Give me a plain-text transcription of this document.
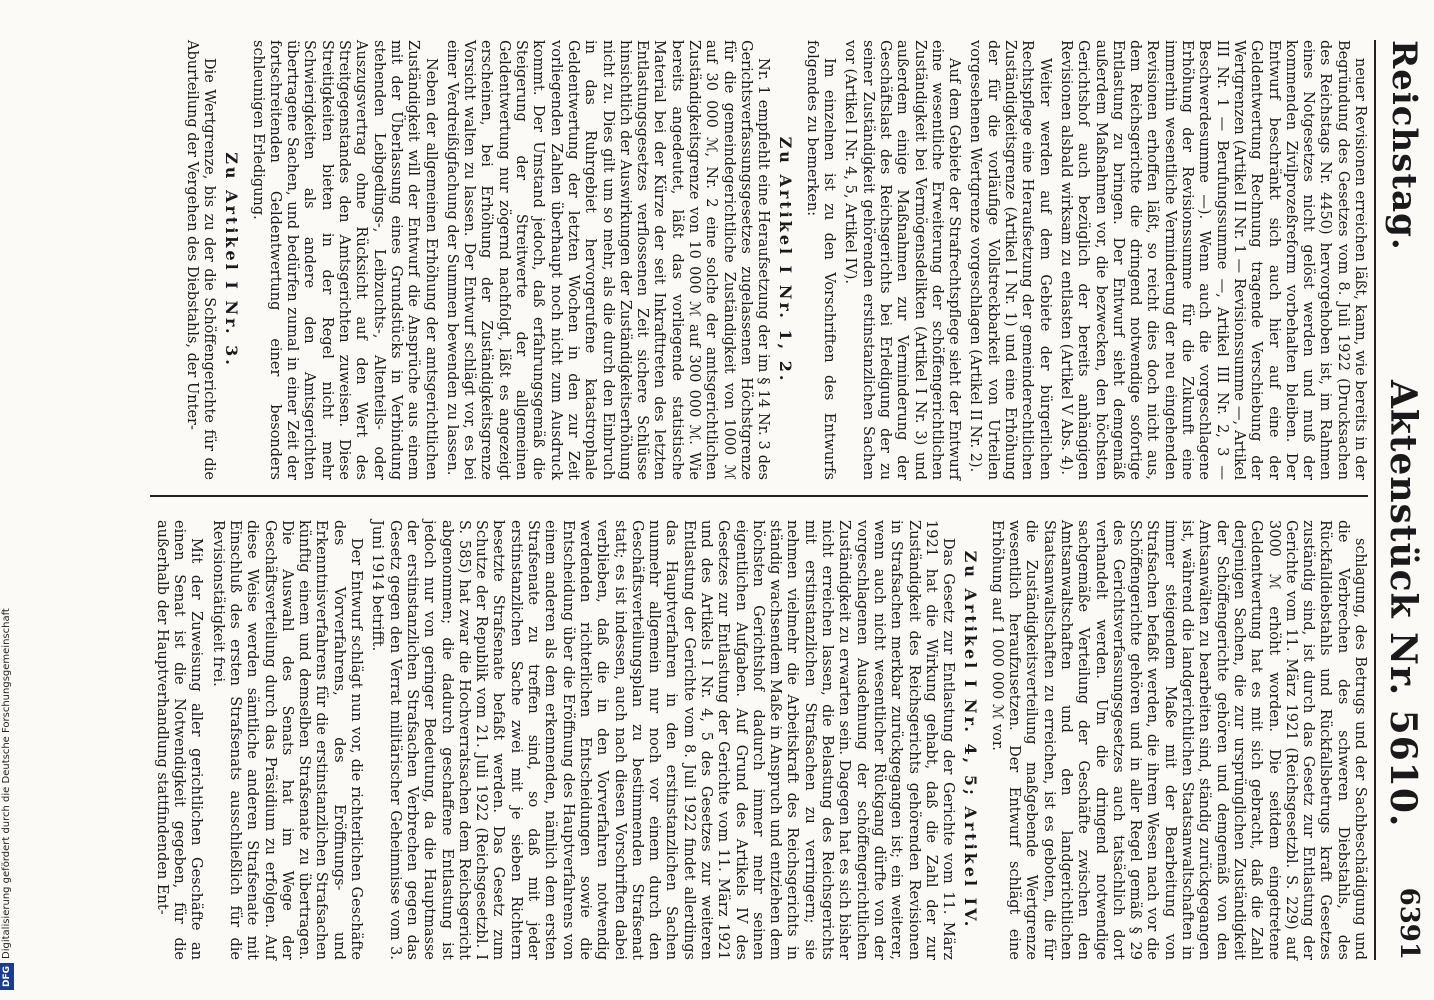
Reichstag.
Aktenstück Nr. 5610.
6391

neuer Revisionen erreichen läßt, kann, wie bereits in der Begründung des Gesetzes vom 8. Juli 1922 (Drucksachen des Reichstags Nr. 4450) hervorgehoben ist, im Rahmen eines Notgesetzes nicht gelöst werden und muß der kommenden Zivilprozeßreform vorbehalten bleiben. Der Entwurf beschränkt sich auch hier auf eine der Geldentwertung Rechnung tragende Verschiebung der Wertgrenzen (Artikel II Nr. 1 — Revisionssumme —, Artikel III Nr. 1 — Berufungssumme —, Artikel III Nr. 2, 3 — Beschwerdesumme —). Wenn auch die vorgeschlagene Erhöhung der Revisionssumme für die Zukunft eine immerhin wesentliche Verminderung der neu eingehenden Revisionen erhoffen läßt, so reicht dies doch nicht aus, dem Reichsgerichte die dringend notwendige sofortige Entlastung zu bringen. Der Entwurf sieht demgemäß außerdem Maßnahmen vor, die bezwecken, den höchsten Gerichtshof auch bezüglich der bereits anhängigen Revisionen alsbald wirksam zu entlasten (Artikel V Abs. 4).

Weiter werden auf dem Gebiete der bürgerlichen Rechtspflege eine Heraufsetzung der gemeinderechtlichen Zuständigkeitsgrenze (Artikel I Nr. 1) und eine Erhöhung der für die vorläufige Vollstreckbarkeit von Urteilen vorgesehenen Wertgrenze vorgeschlagen (Artikel II Nr. 2).

Auf dem Gebiete der Strafrechtspflege sieht der Entwurf eine wesentliche Erweiterung der schöffengerichtlichen Zuständigkeit bei Vermögensdelikten (Artikel I Nr. 3) und außerdem einige Maßnahmen zur Verminderung der Geschäftslast des Reichsgerichts bei Erledigung der zu seiner Zuständigkeit gehörenden erstinstanzlichen Sachen vor (Artikel I Nr. 4, 5, Artikel IV).

Im einzelnen ist zu den Vorschriften des Entwurfs folgendes zu bemerken:

Zu Artikel I Nr. 1, 2.

Nr. 1 empfiehlt eine Heraufsetzung der im § 14 Nr. 3 des Gerichtsverfassungsgesetzes zugelassenen Höchstgrenze für die gemeindegerichtliche Zuständigkeit von 1000 ℳ auf 30 000 ℳ, Nr. 2 eine solche der amtsgerichtlichen Zuständigkeitsgrenze von 10 000 ℳ auf 300 000 ℳ. Wie bereits angedeutet, läßt das vorliegende statistische Material bei der Kürze der seit Inkrafttreten des letzten Entlastungsgesetzes verflossenen Zeit sichere Schlüsse hinsichtlich der Auswirkungen der Zuständigkeitserhöhung nicht zu. Dies gilt um so mehr, als die durch den Einbruch in das Ruhrgebiet hervorgerufene katastrophale Geldentwertung der letzten Wochen in den zur Zeit vorliegenden Zahlen überhaupt noch nicht zum Ausdruck kommt. Der Umstand jedoch, daß erfahrungsgemäß die Steigerung der Streitwerte der allgemeinen Geldentwertung nur zögernd nachfolgt, läßt es angezeigt erscheinen, bei Erhöhung der Zuständigkeitsgrenze Vorsicht walten zu lassen. Der Entwurf schlägt vor, es bei einer Verdreißigfachung der Summen bewenden zu lassen.

Neben der allgemeinen Erhöhung der amtsgerichtlichen Zuständigkeit will der Entwurf die Ansprüche aus einem mit der Überlassung eines Grundstücks in Verbindung stehenden Leibgedings-, Leibzuchts-, Altenteils- oder Auszugsvertrag ohne Rücksicht auf den Wert des Streitgegenstandes den Amtsgerichten zuweisen. Diese Streitigkeiten bieten in der Regel nicht mehr Schwierigkeiten als andere den Amtsgerichten übertragene Sachen, und bedürfen zumal in einer Zeit der fortschreitenden Geldentwertung einer besonders schleunigen Erledigung.

Zu Artikel I Nr. 3.

Die Wertgrenze, bis zu der die Schöffengerichte für die Aburteilung der Vergehen des Diebstahls, der Unter-

schlagung, des Betrugs und der Sachbeschädigung und die Verbrechen des schweren Diebstahls, des Rückfalldiebstahls und Rückfallsbetrugs kraft Gesetzes zuständig sind, ist durch das Gesetz zur Entlastung der Gerichte vom 11. März 1921 (Reichsgesetzbl. S. 229) auf 3000 ℳ erhöht worden. Die seitdem eingetretene Geldentwertung hat es mit sich gebracht, daß die Zahl derjenigen Sachen, die zur ursprünglichen Zuständigkeit der Schöffengerichte gehören und demgemäß von den Amtsanwälten zu bearbeiten sind, ständig zurückgegangen ist, während die landgerichtlichen Staatsanwaltschaften in immer steigendem Maße mit der Bearbeitung von Strafsachen befaßt werden, die ihrem Wesen nach vor die Schöffengerichte gehören und in aller Regel gemäß § 29 des Gerichtsverfassungsgesetzes auch tatsächlich dort verhandelt werden. Um die dringend notwendige sachgemäße Verteilung der Geschäfte zwischen den Amtsanwaltschaften und den landgerichtlichen Staatsanwaltschaften zu erreichen, ist es geboten, die für die Zuständigkeitsverteilung maßgebende Wertgrenze wesentlich heraufzusetzen. Der Entwurf schlägt eine Erhöhung auf 1 000 000 ℳ vor.

Zu Artikel I Nr. 4, 5; Artikel IV.

Das Gesetz zur Entlastung der Gerichte vom 11. März 1921 hat die Wirkung gehabt, daß die Zahl der zur Zuständigkeit des Reichsgerichts gehörenden Revisionen in Strafsachen merkbar zurückgegangen ist; ein weiterer, wenn auch nicht wesentlicher Rückgang dürfte von der vorgeschlagenen Ausdehnung der schöffengerichtlichen Zuständigkeit zu erwarten sein. Dagegen hat es sich bisher nicht erreichen lassen, die Belastung des Reichsgerichts mit erstinstanzlichen Strafsachen zu verringern; sie nehmen vielmehr die Arbeitskraft des Reichsgerichts in ständig wachsendem Maße in Anspruch und entziehen dem höchsten Gerichtshof dadurch immer mehr seinen eigentlichen Aufgaben. Auf Grund des Artikels IV des Gesetzes zur Entlastung der Gerichte vom 11. März 1921 und des Artikels I Nr. 4, 5 des Gesetzes zur weiteren Entlastung der Gerichte vom 8. Juli 1922 findet allerdings das Hauptverfahren in den erstinstanzlichen Sachen nunmehr allgemein nur noch vor einem durch den Geschäftsverteilungsplan zu bestimmenden Strafsenat statt; es ist indessen, auch nach diesen Vorschriften dabei verblieben, daß die in den Vorverfahren notwendig werdenden richterlichen Entscheidungen sowie die Entscheidung über die Eröffnung des Hauptverfahrens von einem anderen als dem erkennenden, nämlich dem ersten Strafsenate zu treffen sind, so daß mit jeder erstinstanzlichen Sache zwei mit je sieben Richtern besetzte Strafsenate befaßt werden. Das Gesetz zum Schutze der Republik vom 21. Juli 1922 (Reichsgesetzbl. I S. 585) hat zwar die Hochverratsachen dem Reichsgericht abgenommen; die dadurch geschaffene Entlastung ist jedoch nur von geringer Bedeutung, da die Hauptmasse der erstinstanzlichen Strafsachen Verbrechen gegen das Gesetz gegen den Verrat militärischer Geheimnisse vom 3. Juni 1914 betrifft.

Der Entwurf schlägt nun vor, die richterlichen Geschäfte des Vorverfahrens, des Eröffnungs- und Erkenntnisverfahrens für die erstinstanzlichen Strafsachen künftig einem und demselben Strafsenate zu übertragen. Die Auswahl des Senats hat im Wege der Geschäftsverteilung durch das Präsidium zu erfolgen. Auf diese Weise werden sämtliche anderen Strafsenate mit Einschluß des ersten Strafsenats ausschließlich für die Revisionstätigkeit frei.

Mit der Zuweisung aller gerichtlichen Geschäfte an einen Senat ist die Notwendigkeit gegeben, für die außerhalb der Hauptverhandlung stattfindenden Ent-

DFGDigitalisierung gefördert durch die Deutsche Forschungsgemeinschaft
